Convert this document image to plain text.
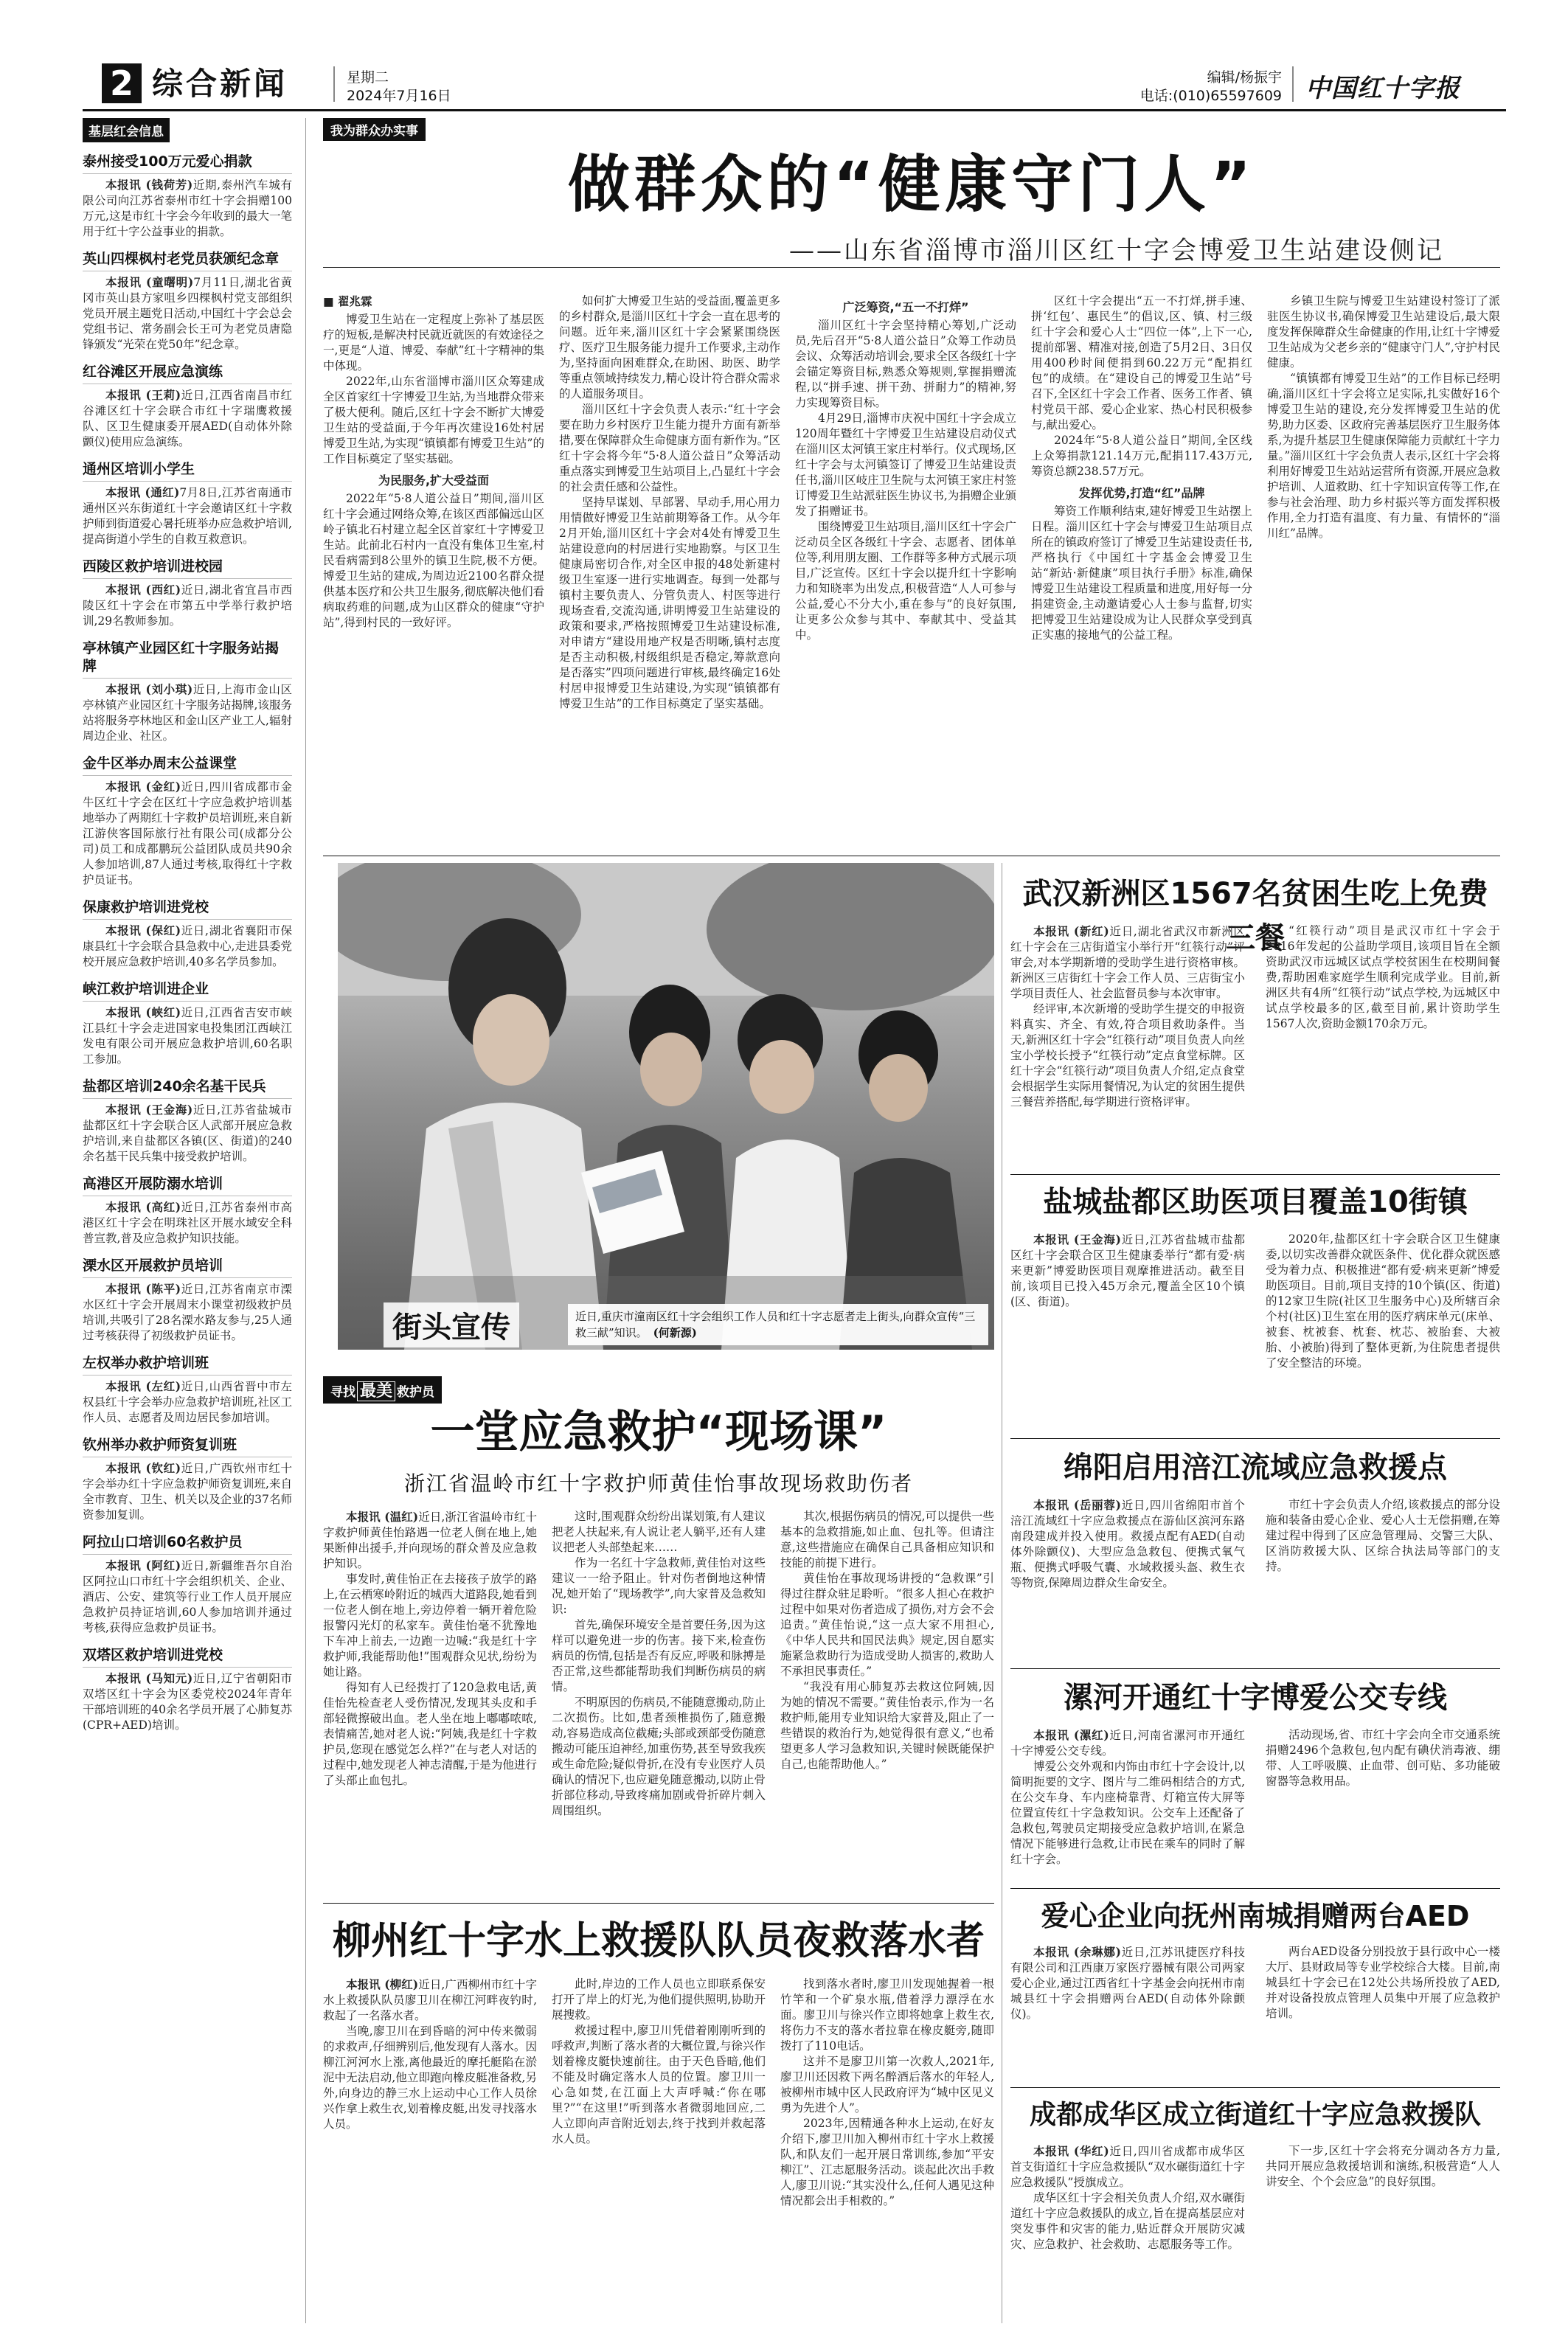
2 综合新闻	星期二
2024年7月16日
编辑/杨振宇
电话:(010)65597609 中国红十字报
基层红会信息
泰州接受100万元爱心捐款
本报讯 (钱荷芳)近期,泰州汽车城有限公司向江苏省泰州市红十字会捐赠100万元,这是市红十字会今年收到的最大一笔用于红十字公益事业的捐款。
英山四棵枫村老党员获颁纪念章
本报讯 (童曙明)7月11日,湖北省黄冈市英山县方家咀乡四棵枫村党支部组织党员开展主题党日活动,中国红十字会总会党组书记、常务副会长王可为老党员唐隐锋颁发“光荣在党50年”纪念章。
红谷滩区开展应急演练
本报讯 (王莉)近日,江西省南昌市红谷滩区红十字会联合市红十字瑞鹰救援队、区卫生健康委开展AED(自动体外除颤仪)使用应急演练。
通州区培训小学生
本报讯 (通红)7月8日,江苏省南通市通州区兴东街道红十字会邀请区红十字救护师到街道爱心暑托班举办应急救护培训,提高街道小学生的自救互救意识。
西陵区救护培训进校园
本报讯 (西红)近日,湖北省宜昌市西陵区红十字会在市第五中学举行救护培训,29名教师参加。
亭林镇产业园区红十字服务站揭牌
本报讯 (刘小琪)近日,上海市金山区亭林镇产业园区红十字服务站揭牌,该服务站将服务亭林地区和金山区产业工人,辐射周边企业、社区。
金牛区举办周末公益课堂
本报讯 (金红)近日,四川省成都市金牛区红十字会在区红十字应急救护培训基地举办了两期红十字救护员培训班,来自新江游侠客国际旅行社有限公司(成都分公司)员工和成都鹏玩公益团队成员共90余人参加培训,87人通过考核,取得红十字救护员证书。
保康救护培训进党校
本报讯 (保红)近日,湖北省襄阳市保康县红十字会联合县急救中心,走进县委党校开展应急救护培训,40多名学员参加。
峡江救护培训进企业
本报讯 (峡红)近日,江西省吉安市峡江县红十字会走进国家电投集团江西峡江发电有限公司开展应急救护培训,60名职工参加。
盐都区培训240余名基干民兵
本报讯 (王金海)近日,江苏省盐城市盐都区红十字会联合区人武部开展应急救护培训,来自盐都区各镇(区、街道)的240余名基干民兵集中接受救护培训。
高港区开展防溺水培训
本报讯 (高红)近日,江苏省泰州市高港区红十字会在明珠社区开展水域安全科普宣教,普及应急救护知识技能。
溧水区开展救护员培训
本报讯 (陈平)近日,江苏省南京市溧水区红十字会开展周末小课堂初级救护员培训,共吸引了28名溧水路友参与,25人通过考核获得了初级救护员证书。
左权举办救护培训班
本报讯 (左红)近日,山西省晋中市左权县红十字会举办应急救护培训班,社区工作人员、志愿者及周边居民参加培训。
钦州举办救护师资复训班
本报讯 (钦红)近日,广西钦州市红十字会举办红十字应急救护师资复训班,来自全市教育、卫生、机关以及企业的37名师资参加复训。
阿拉山口培训60名救护员
本报讯 (阿红)近日,新疆维吾尔自治区阿拉山口市红十字会组织机关、企业、酒店、公安、建筑等行业工作人员开展应急救护员持证培训,60人参加培训并通过考核,获得应急救护员证书。
双塔区救护培训进党校
本报讯 (马知元)近日,辽宁省朝阳市双塔区红十字会为区委党校2024年青年干部培训班的40余名学员开展了心肺复苏(CPR+AED)培训。
我为群众办实事
做群众的“健康守门人”
——山东省淄博市淄川区红十字会博爱卫生站建设侧记
■ 翟兆霖

博爱卫生站在一定程度上弥补了基层医疗的短板,是解决村民就近就医的有效途径之一,更是“人道、博爱、奉献”红十字精神的集中体现。

2022年,山东省淄博市淄川区众筹建成全区首家红十字博爱卫生站,为当地群众带来了极大便利。随后,区红十字会不断扩大博爱卫生站的受益面,于今年再次建设16处村居博爱卫生站,为实现“镇镇都有博爱卫生站”的工作目标奠定了坚实基础。

为民服务,扩大受益面

2022年“5·8人道公益日”期间,淄川区红十字会通过网络众筹,在该区西部偏远山区岭子镇北石村建立起全区首家红十字博爱卫生站。此前北石村内一直没有集体卫生室,村民看病需到8公里外的镇卫生院,极不方便。博爱卫生站的建成,为周边近2100名群众提供基本医疗和公共卫生服务,彻底解决他们看病取药难的问题,成为山区群众的健康“守护站”,得到村民的一致好评。

如何扩大博爱卫生站的受益面,覆盖更多的乡村群众,是淄川区红十字会一直在思考的问题。近年来,淄川区红十字会紧紧围绕医疗、医疗卫生服务能力提升工作要求,主动作为,坚持面向困难群众,在助困、助医、助学等重点领域持续发力,精心设计符合群众需求的人道服务项目。

淄川区红十字会负责人表示:“红十字会要在助力乡村医疗卫生能力提升方面有新举措,要在保障群众生命健康方面有新作为。”区红十字会将今年“5·8人道公益日”众筹活动重点落实到博爱卫生站项目上,凸显红十字会的社会责任感和公益性。

坚持早谋划、早部署、早动手,用心用力用情做好博爱卫生站前期筹备工作。从今年2月开始,淄川区红十字会对4处有博爱卫生站建设意向的村居进行实地勘察。与区卫生健康局密切合作,对全区申报的48处新建村级卫生室逐一进行实地调查。每到一处都与镇村主要负责人、分管负责人、村医等进行现场查看,交流沟通,讲明博爱卫生站建设的政策和要求,严格按照博爱卫生站建设标准,对申请方“建设用地产权是否明晰,镇村志度是否主动积极,村级组织是否稳定,筹款意向是否落实”四项问题进行审核,最终确定16处村居申报博爱卫生站建设,为实现“镇镇都有博爱卫生站”的工作目标奠定了坚实基础。

广泛筹资,“五一不打烊”

淄川区红十字会坚持精心筹划,广泛动员,先后召开“5·8人道公益日”众筹工作动员会议、众筹活动培训会,要求全区各级红十字会锚定筹资目标,熟悉众筹规则,掌握捐赠流程,以“拼手速、拼干劲、拼耐力”的精神,努力实现筹资目标。

4月29日,淄博市庆祝中国红十字会成立120周年暨红十字博爱卫生站建设启动仪式在淄川区太河镇王家庄村举行。仪式现场,区红十字会与太河镇签订了博爱卫生站建设责任书,淄川区岐庄卫生院与太河镇王家庄村签订博爱卫生站派驻医生协议书,为捐赠企业颁发了捐赠证书。

围绕博爱卫生站项目,淄川区红十字会广泛动员全区各级红十字会、志愿者、团体单位等,利用朋友圈、工作群等多种方式展示项目,广泛宣传。区红十字会以提升红十字影响力和知晓率为出发点,积极营造“人人可参与公益,爱心不分大小,重在参与”的良好氛围,让更多公众参与其中、奉献其中、受益其中。

区红十字会提出“五一不打烊,拼手速、拼‘红包’、惠民生”的倡议,区、镇、村三级红十字会和爱心人士“四位一体”,上下一心,提前部署、精准对接,创造了5月2日、3日仅用400秒时间便捐到60.22万元“配捐红包”的成绩。在“建设自己的博爱卫生站”号召下,全区红十字会工作者、医务工作者、镇村党员干部、爱心企业家、热心村民积极参与,献出爱心。

2024年“5·8人道公益日”期间,全区线上众筹捐款121.14万元,配捐117.43万元,筹资总额238.57万元。

发挥优势,打造“红”品牌

筹资工作顺利结束,建好博爱卫生站摆上日程。淄川区红十字会与博爱卫生站项目点所在的镇政府签订了博爱卫生站建设责任书,严格执行《中国红十字基金会博爱卫生站“新站·新健康”项目执行手册》标准,确保博爱卫生站建设工程质量和进度,用好每一分捐建资金,主动邀请爱心人士参与监督,切实把博爱卫生站建设成为让人民群众享受到真正实惠的接地气的公益工程。

乡镇卫生院与博爱卫生站建设村签订了派驻医生协议书,确保博爱卫生站建设后,最大限度发挥保障群众生命健康的作用,让红十字博爱卫生站成为父老乡亲的“健康守门人”,守护村民健康。

“镇镇都有博爱卫生站”的工作目标已经明确,淄川区红十字会将立足实际,扎实做好16个博爱卫生站的建设,充分发挥博爱卫生站的优势,助力区委、区政府完善基层医疗卫生服务体系,为提升基层卫生健康保障能力贡献红十字力量。”淄川区红十字会负责人表示,区红十字会将利用好博爱卫生站站运营所有资源,开展应急救护培训、人道救助、红十字知识宣传等工作,在参与社会治理、助力乡村振兴等方面发挥积极作用,全力打造有温度、有力量、有情怀的“淄川红”品牌。

街头宣传	近日,重庆市潼南区红十字会组织工作人员和红十字志愿者走上街头,向群众宣传“三救三献”知识。 (何新源)
武汉新洲区1567名贫困生吃上免费三餐

本报讯 (新红)近日,湖北省武汉市新洲区红十字会在三店街道宝小举行开“红筷行动”评审会,对本学期新增的受助学生进行资格审核。新洲区三店街红十字会工作人员、三店街宝小学项目责任人、社会监督员参与本次审审。

经评审,本次新增的受助学生提交的申报资料真实、齐全、有效,符合项目救助条件。当天,新洲区红十字会“红筷行动”项目负责人向丝宝小学校长授予“红筷行动”定点食堂标牌。区红十字会“红筷行动”项目负责人介绍,定点食堂会根据学生实际用餐情况,为认定的贫困生提供三餐营养搭配,每学期进行资格评审。

“红筷行动”项目是武汉市红十字会于2016年发起的公益助学项目,该项目旨在全额资助武汉市远城区试点学校贫困生在校期间餐费,帮助困难家庭学生顺利完成学业。目前,新洲区共有4所“红筷行动”试点学校,为远城区中试点学校最多的区,截至目前,累计资助学生1567人次,资助金额170余万元。

盐城盐都区助医项目覆盖10街镇

本报讯 (王金海)近日,江苏省盐城市盐都区红十字会联合区卫生健康委举行“都有爱·病来更新”博爱助医项目观摩推进活动。截至目前,该项目已投入45万余元,覆盖全区10个镇(区、街道)。

2020年,盐都区红十字会联合区卫生健康委,以切实改善群众就医条件、优化群众就医感受为着力点、积极推进“都有爱·病来更新”博爱助医项目。目前,项目支持的10个镇(区、街道)的12家卫生院(社区卫生服务中心)及所辖百余个村(社区)卫生室在用的医疗病床单元(床单、被套、枕被套、枕套、枕芯、被胎套、大被胎、小被胎)得到了整体更新,为住院患者提供了安全整洁的环境。

寻找 最美 救护员
一堂应急救护“现场课”
浙江省温岭市红十字救护师黄佳怡事故现场救助伤者

本报讯 (温红)近日,浙江省温岭市红十字救护师黄佳怡路遇一位老人倒在地上,她果断伸出援手,并向现场的群众普及应急救护知识。

事发时,黄佳怡正在去接孩子放学的路上,在云栖寒岭附近的城西大道路段,她看到一位老人倒在地上,旁边停着一辆开着危险报警闪光灯的私家车。黄佳怡毫不犹豫地下车冲上前去,一边跑一边喊:“我是红十字救护师,我能帮助他!”围观群众见状,纷纷为她让路。

得知有人已经拨打了120急救电话,黄佳怡先检查老人受伤情况,发现其头皮和手部轻微擦破出血。老人坐在地上嘟嘟哝哝,表情痛苦,她对老人说:“阿姨,我是红十字救护员,您现在感觉怎么样?”在与老人对话的过程中,她发现老人神志清醒,于是为他进行了头部止血包扎。

这时,围观群众纷纷出谋划策,有人建议把老人扶起来,有人说让老人躺平,还有人建议把老人头部垫起来……

作为一名红十字急救师,黄佳怡对这些建议一一给予阻止。针对伤者倒地这种情况,她开始了“现场教学”,向大家普及急救知识:

首先,确保环境安全是首要任务,因为这样可以避免进一步的伤害。接下来,检查伤病员的伤情,包括是否有反应,呼吸和脉搏是否正常,这些都能帮助我们判断伤病员的病情。

不明原因的伤病员,不能随意搬动,防止二次损伤。比如,患者颈椎损伤了,随意搬动,容易造成高位截瘫;头部或颈部受伤随意搬动可能压迫神经,加重伤势,甚至导致我疾或生命危险;疑似骨折,在没有专业医疗人员确认的情况下,也应避免随意搬动,以防止骨折部位移动,导致疼痛加剧或骨折碎片刺入周围组织。

其次,根据伤病员的情况,可以提供一些基本的急救措施,如止血、包扎等。但请注意,这些措施应在确保自己具备相应知识和技能的前提下进行。

黄佳怡在事故现场讲授的“急救课”引得过往群众驻足聆听。“很多人担心在救护过程中如果对伤者造成了损伤,对方会不会追责。”黄佳怡说,“这一点大家不用担心,《中华人民共和国民法典》规定,因自愿实施紧急救助行为造成受助人损害的,救助人不承担民事责任。”

“我没有用心肺复苏去救这位阿姨,因为她的情况不需要。”黄佳怡表示,作为一名救护师,能用专业知识给大家普及,阻止了一些错误的救治行为,她觉得很有意义,“也希望更多人学习急救知识,关键时候既能保护自己,也能帮助他人。”

绵阳启用涪江流域应急救援点

本报讯 (岳丽蓉)近日,四川省绵阳市首个涪江流域红十字应急救援点在游仙区滨河东路南段建成并投入使用。救援点配有AED(自动体外除颤仪)、大型应急急救包、便携式氧气瓶、便携式呼吸气囊、水域救援头盔、救生衣等物资,保障周边群众生命安全。

市红十字会负责人介绍,该救援点的部分设施和装备由爱心企业、爱心人士无偿捐赠,在筹建过程中得到了区应急管理局、交警三大队、区消防救援大队、区综合执法局等部门的支持。

漯河开通红十字博爱公交专线

本报讯 (漯红)近日,河南省漯河市开通红十字博爱公交专线。

博爱公交外观和内饰由市红十字会设计,以简明扼要的文字、图片与二维码相结合的方式,在公交车身、车内座椅靠背、灯箱宣传大屏等位置宣传红十字急救知识。公交车上还配备了急救包,驾驶员定期接受应急救护培训,在紧急情况下能够进行急救,让市民在乘车的同时了解红十字会。

活动现场,省、市红十字会向全市交通系统捐赠2496个急救包,包内配有碘伏消毒液、绷带、人工呼吸膜、止血带、创可贴、多功能破窗器等急救用品。

爱心企业向抚州南城捐赠两台AED

本报讯 (余琳娜)近日,江苏讯捷医疗科技有限公司和江西康万家医疗器械有限公司两家爱心企业,通过江西省红十字基金会向抚州市南城县红十字会捐赠两台AED(自动体外除颤仪)。

两台AED设备分别投放于县行政中心一楼大厅、县财政局等专业学校综合大楼。目前,南城县红十字会已在12处公共场所投放了AED,并对设备投放点管理人员集中开展了应急救护培训。

成都成华区成立街道红十字应急救援队

本报讯 (华红)近日,四川省成都市成华区首支街道红十字应急救援队“双水碾街道红十字应急救援队”授旗成立。

成华区红十字会相关负责人介绍,双水碾街道红十字应急救援队的成立,旨在提高基层应对突发事件和灾害的能力,贴近群众开展防灾减灾、应急救护、社会救助、志愿服务等工作。

下一步,区红十字会将充分调动各方力量,共同开展应急救援培训和演练,积极营造“人人讲安全、个个会应急”的良好氛围。

柳州红十字水上救援队队员夜救落水者

本报讯 (柳红)近日,广西柳州市红十字水上救援队队员廖卫川在柳江河畔夜钓时,救起了一名落水者。

当晚,廖卫川在到昏暗的河中传来微弱的求救声,仔细辨别后,他发现有人落水。因柳江河河水上涨,离他最近的摩托艇陷在淤泥中无法启动,他立即跑向橡皮艇准备救,另外,向身边的静三水上运动中心工作人员徐兴作拿上救生衣,划着橡皮艇,出发寻找落水人员。

此时,岸边的工作人员也立即联系保安打开了岸上的灯光,为他们提供照明,协助开展搜救。

救援过程中,廖卫川凭借着刚刚听到的呼救声,判断了落水者的大概位置,与徐兴作划着橡皮艇快速前往。由于天色昏暗,他们不能及时确定落水人员的位置。廖卫川一心急如焚,在江面上大声呼喊:“你在哪里?”“在这里!”听到落水者微弱地回应,二人立即向声音附近划去,终于找到并救起落水人员。

找到落水者时,廖卫川发现她握着一根竹竿和一个矿泉水瓶,借着浮力漂浮在水面。廖卫川与徐兴作立即将她拿上救生衣,将伤力不支的落水者拉靠在橡皮艇旁,随即拨打了110电话。

这并不是廖卫川第一次救人,2021年,廖卫川还因救下两名醉酒后落水的年轻人,被柳州市城中区人民政府评为“城中区见义勇为先进个人”。

2023年,因精通各种水上运动,在好友介绍下,廖卫川加入柳州市红十字水上救援队,和队友们一起开展日常训练,参加“平安柳江”、江志愿服务活动。谈起此次出手救人,廖卫川说:“其实没什么,任何人遇见这种情况都会出手相救的。”
